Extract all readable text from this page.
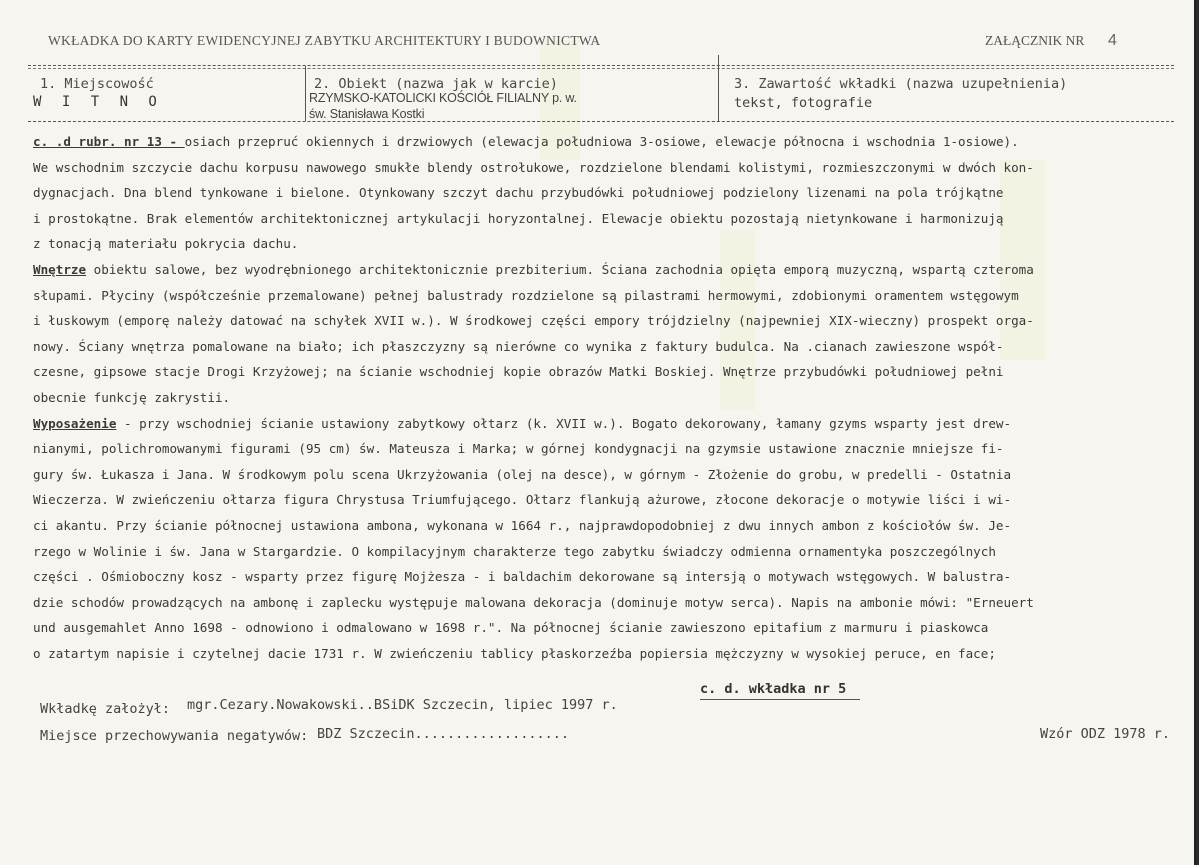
WKŁADKA DO KARTY EWIDENCYJNEJ ZABYTKU ARCHITEKTURY I BUDOWNICTWA	ZAŁĄCZNIK NR 4
1. Miejscowość
W I T N O
2. Obiekt (nazwa jak w karcie)
RZYMSKO-KATOLICKI KOŚCIÓŁ FILIALNY p. w.
św. Stanisława Kostki
3. Zawartość wkładki (nazwa uzupełnienia)
tekst, fotografie
c. .d rubr. nr 13 - osiach przepruć okiennych i drzwiowych (elewacja południowa 3-osiowe, elewacje północna i wschodnia 1-osiowe).
We wschodnim szczycie dachu korpusu nawowego smukłe blendy ostrołukowe, rozdzielone blendami kolistymi, rozmieszczonymi w dwóch kon-
dygnacjach. Dna blend tynkowane i bielone. Otynkowany szczyt dachu przybudówki południowej podzielony lizenami na pola trójkątne
i prostokątne. Brak elementów architektonicznej artykulacji horyzontalnej. Elewacje obiektu pozostają nietynkowane i harmonizują
z tonacją materiału pokrycia dachu.
Wnętrze obiektu salowe, bez wyodrębnionego architektonicznie prezbiterium. Ściana zachodnia opięta emporą muzyczną, wspartą czteroma
słupami. Płyciny (współcześnie przemalowane) pełnej balustrady rozdzielone są pilastrami hermowymi, zdobionymi oramentem wstęgowym
i łuskowym (emporę należy datować na schyłek XVII w.). W środkowej części empory trójdzielny (najpewniej XIX-wieczny) prospekt orga-
nowy. Ściany wnętrza pomalowane na biało; ich płaszczyzny są nierówne co wynika z faktury budulca. Na .cianach zawieszone współ-
czesne, gipsowe stacje Drogi Krzyżowej; na ścianie wschodniej kopie obrazów Matki Boskiej. Wnętrze przybudówki południowej pełni
obecnie funkcję zakrystii.
Wyposażenie - przy wschodniej ścianie ustawiony zabytkowy ołtarz (k. XVII w.). Bogato dekorowany, łamany gzyms wsparty jest drew-
nianymi, polichromowanymi figurami (95 cm) św. Mateusza i Marka; w górnej kondygnacji na gzymsie ustawione znacznie mniejsze fi-
gury św. Łukasza i Jana. W środkowym polu scena Ukrzyżowania (olej na desce), w górnym - Złożenie do grobu, w predelli - Ostatnia
Wieczerza. W zwieńczeniu ołtarza figura Chrystusa Triumfującego. Ołtarz flankują ażurowe, złocone dekoracje o motywie liści i wi-
ci akantu. Przy ścianie północnej ustawiona ambona, wykonana w 1664 r., najprawdopodobniej z dwu innych ambon z kościołów św. Je-
rzego w Wolinie i św. Jana w Stargardzie. O kompilacyjnym charakterze tego zabytku świadczy odmienna ornamentyka poszczególnych
części . Ośmioboczny kosz - wsparty przez figurę Mojżesza - i baldachim dekorowane są intersją o motywach wstęgowych. W balustra-
dzie schodów prowadzących na ambonę i zaplecku występuje malowana dekoracja (dominuje motyw serca). Napis na ambonie mówi: "Erneuert
und ausgemahlet Anno 1698 - odnowiono i odmalowano w 1698 r.". Na północnej ścianie zawieszono epitafium z marmuru i piaskowca
o zatartym napisie i czytelnej dacie 1731 r. W zwieńczeniu tablicy płaskorzeźba popiersia mężczyzny w wysokiej peruce, en face;
c. d. wkładka nr 5
Wkładkę założył: mgr.Cezary.Nowakowski..BSiDK Szczecin, lipiec 1997 r.
Miejsce przechowywania negatywów: BDZ Szczecin...................	Wzór ODZ 1978 r.
